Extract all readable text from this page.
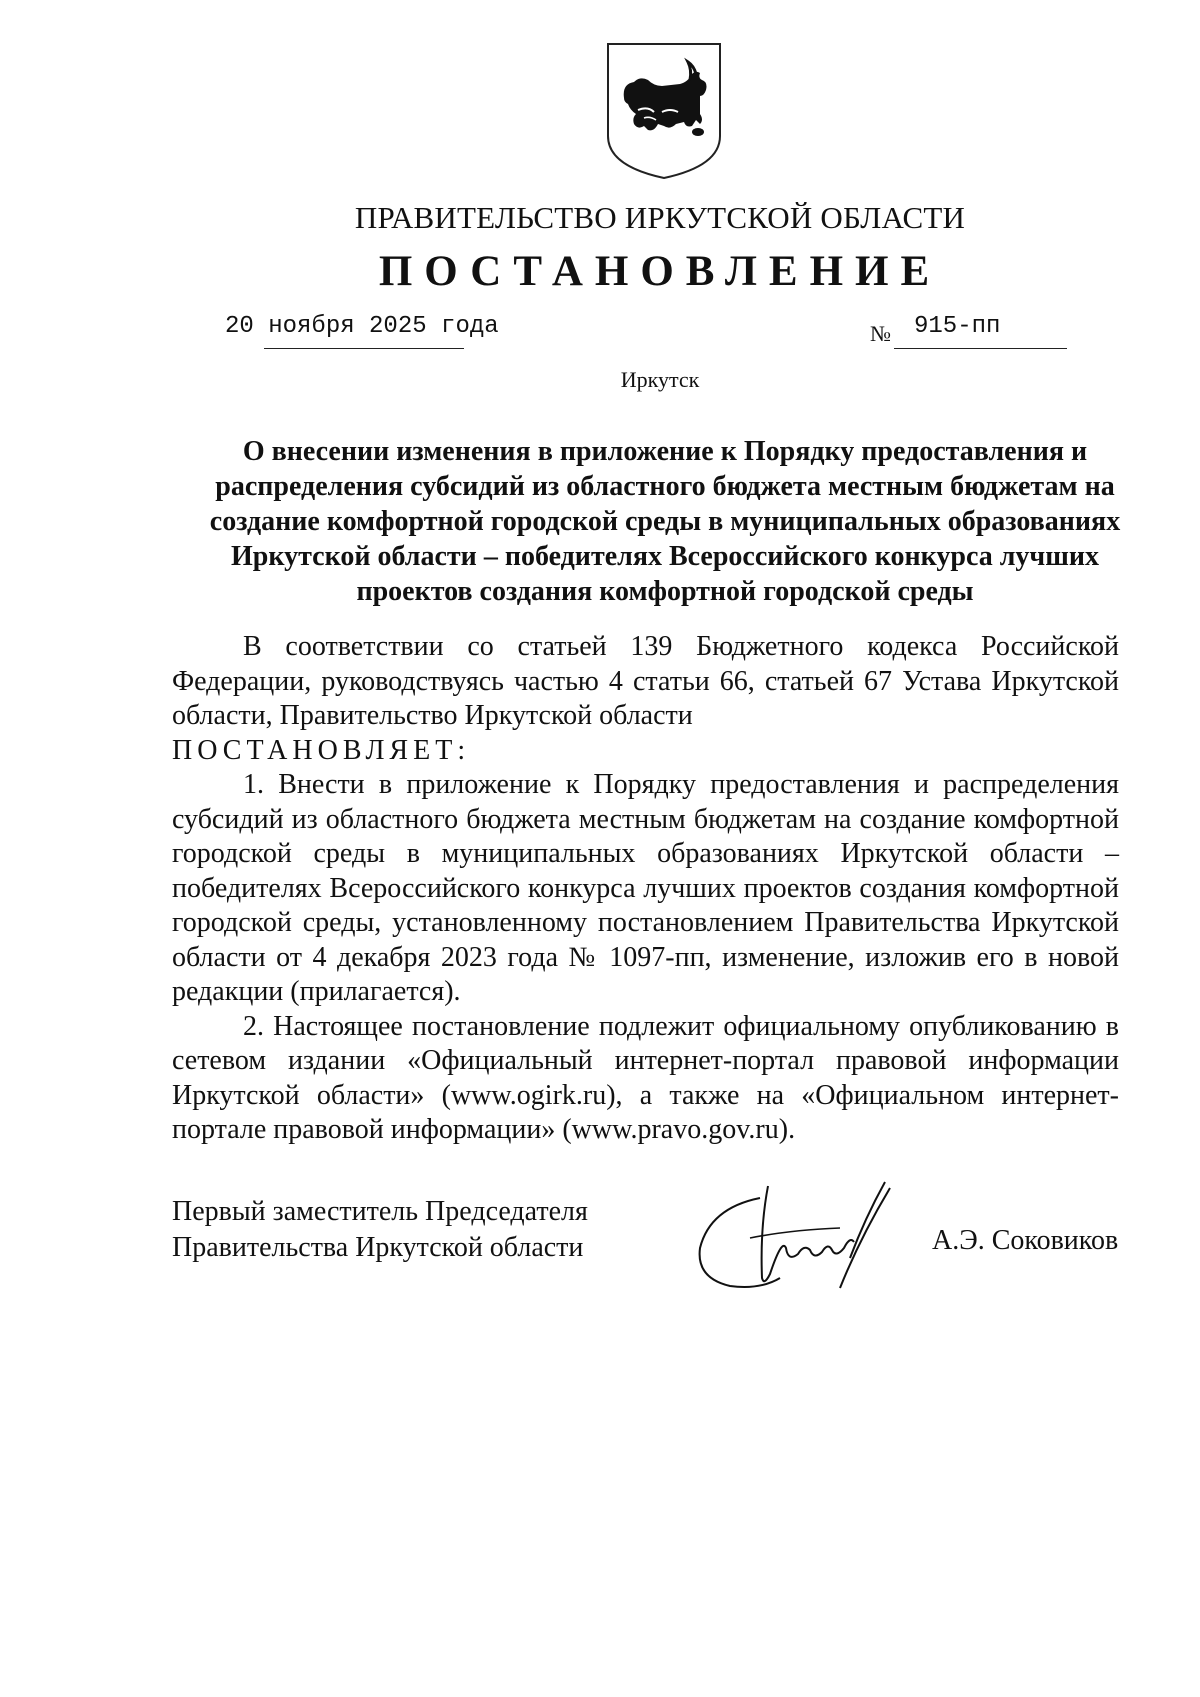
ПРАВИТЕЛЬСТВО ИРКУТСКОЙ ОБЛАСТИ
ПОСТАНОВЛЕНИЕ
20 ноября 2025 года	№ 915-пп
Иркутск
О внесении изменения в приложение к Порядку предоставления и распределения субсидий из областного бюджета местным бюджетам на создание комфортной городской среды в муниципальных образованиях Иркутской области – победителях Всероссийского конкурса лучших проектов создания комфортной городской среды

В соответствии со статьей 139 Бюджетного кодекса Российской Федерации, руководствуясь частью 4 статьи 66, статьей 67 Устава Иркутской области, Правительство Иркутской области

ПОСТАНОВЛЯЕТ:

1. Внести в приложение к Порядку предоставления и распределения субсидий из областного бюджета местным бюджетам на создание комфортной городской среды в муниципальных образованиях Иркутской области – победителях Всероссийского конкурса лучших проектов создания комфортной городской среды, установленному постановлением Правительства Иркутской области от 4 декабря 2023 года № 1097-пп, изменение, изложив его в новой редакции (прилагается).

2. Настоящее постановление подлежит официальному опубликованию в сетевом издании «Официальный интернет-портал правовой информации Иркутской области» (www.ogirk.ru), а также на «Официальном интернет-портале правовой информации» (www.pravo.gov.ru).

Первый заместитель Председателя
Правительства Иркутской области	А.Э. Соковиков
